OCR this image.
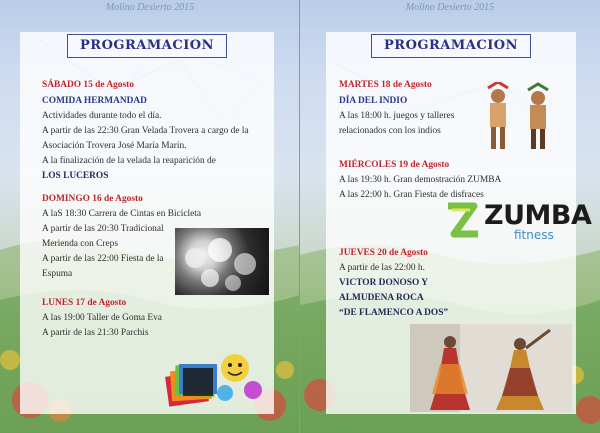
Molino Desierto 2015	Molino Desierto 2015
PROGRAMACION
SÁBADO 15 de Agosto
COMIDA HERMANDAD
Actividades durante todo el día.
A partir de las 22:30 Gran Velada Trovera a cargo de la
Asociación Trovera José María Marín.
A la finalización de la velada la reaparición de
LOS LUCEROS
DOMINGO 16 de Agosto
A laS 18:30 Carrera de Cintas en Bicicleta
A partir de las 20:30 Tradicional
Merienda con Creps
A partir de las 22:00 Fiesta de la
Espuma
LUNES 17 de Agosto
A las 19:00 Taller de Goma Eva
A partir de las 21:30 Parchis
PROGRAMACION
MARTES 18 de Agosto
DÍA DEL INDIO
A las 18:00 h. juegos y talleres
relacionados con los indios
MIÉRCOLES 19 de Agosto
A las 19:30 h. Gran demostración ZUMBA
A las 22:00 h. Gran Fiesta de disfraces
ZUMBA
fitness
JUEVES 20 de Agosto
A partir de las 22:00 h.
VICTOR DONOSO Y
ALMUDENA ROCA
“DE FLAMENCO A DOS”
